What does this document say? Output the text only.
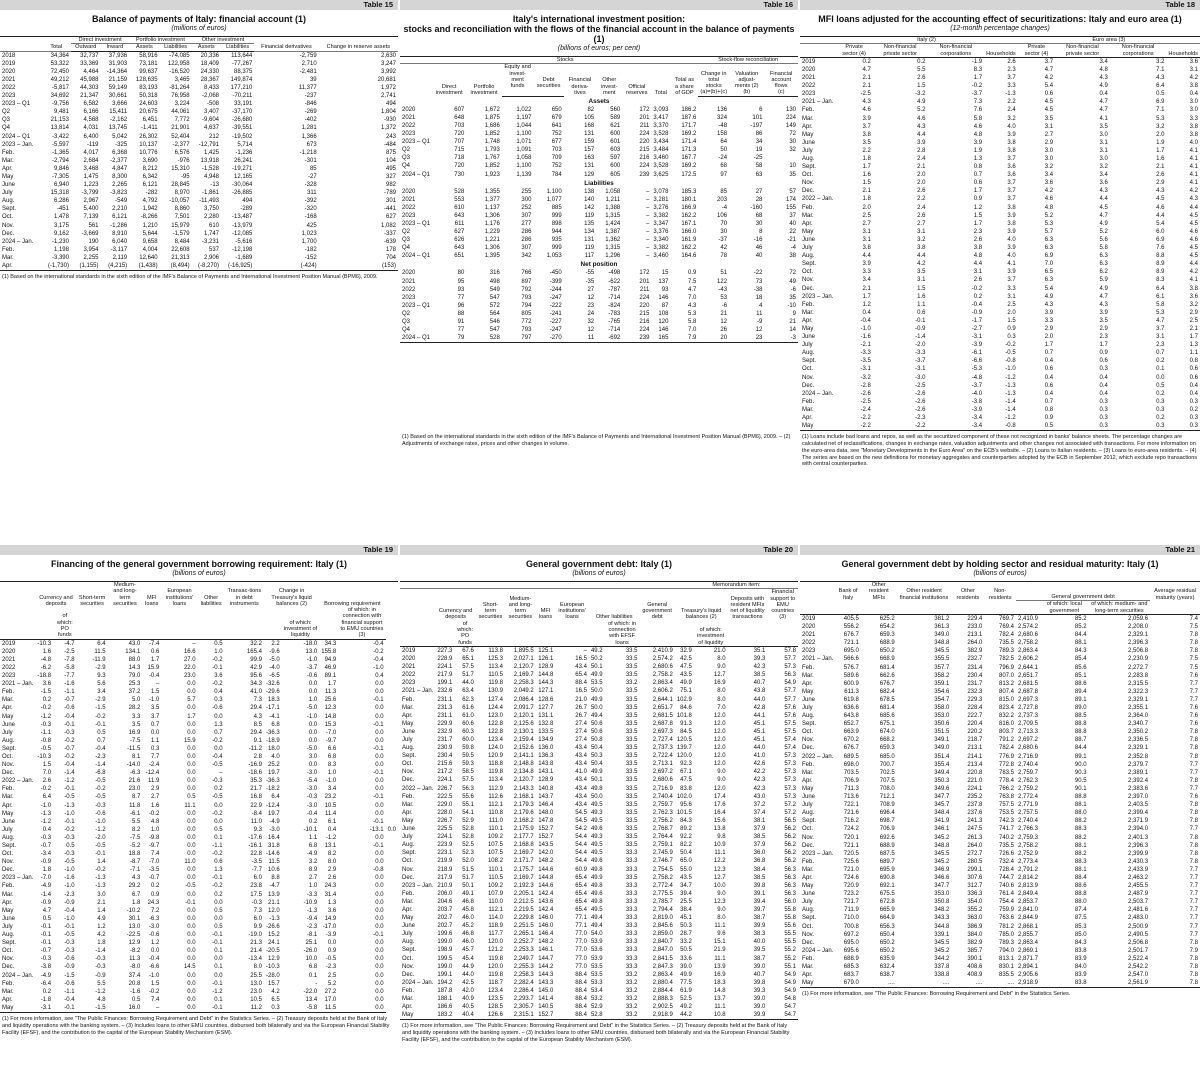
Table 15
Balance of payments of Italy: financial account (1)
(millions of euros)
	Total	Direct investment		Portfolio investment		Other investment		Financial derivatives	Change in reserve assets
		Outward	Inward	Assets	Liabilities	Assets	Liabilities		
2018	34,364	32,737	37,936	58,916	-74,085	20,336	113,644	-2,759	2,630
2019	53,322	33,369	31,903	73,181	122,958	18,409	-77,267	2,710	3,247
2020	72,450	4,464	-14,364	99,637	-16,520	24,330	88,375	-2,481	3,992
2021	49,212	45,988	21,159	128,635	3,465	28,367	149,874	39	20,681
2022	-5,817	44,303	59,149	83,193	-81,264	8,433	177,210	11,377	1,972
2023	34,692	21,347	30,661	50,318	76,958	-2,068	-70,211	-237	2,741
2023 – Q1	-9,756	6,582	3,666	24,603	3,224	-508	33,191	-846	494
Q2	9,481	6,166	15,411	20,675	44,061	3,407	-37,170	-269	1,804
Q3	21,153	4,568	-2,162	6,451	7,772	-9,604	-26,680	-402	-930
Q4	13,814	4,031	13,745	-1,411	21,901	4,637	-39,551	1,281	1,372
2024 – Q1	-3,422	6,400	5,042	26,302	52,404	212	-19,502	1,366	243
2023 – Jan.	-5,597	-119	-325	10,137	-2,377	-12,791	5,714	673	-484
Feb.	-1,365	4,017	6,368	10,776	6,576	1,425	-1,236	-1,218	875
Mar.	-2,794	2,684	-2,377	3,690	-976	13,918	26,241	-301	104
Apr.	9,846	3,468	4,847	8,212	15,310	-1,528	-19,271	85	495
May	-7,305	1,475	8,300	6,342	-95	4,948	12,165	-27	327
June	6,940	1,223	2,265	6,121	28,845	-13	-30,064	-328	982
July	15,318	-3,799	-3,823	-282	8,970	-1,861	-26,885	311	-789
Aug.	6,286	2,967	-549	4,792	-10,057	-11,493	494	-392	301
Sept.	-451	5,400	2,210	1,942	8,860	3,750	-289	-320	-441
Oct.	1,478	7,139	6,121	-8,266	7,501	2,280	-13,487	-168	627
Nov.	3,175	561	-1,286	1,210	15,979	610	-13,979	425	1,082
Dec.	9,162	-3,669	8,910	5,644	-1,579	1,747	-12,085	1,023	-337
2024 – Jan.	-1,230	190	6,040	9,658	8,484	-3,231	-5,616	1,700	-639
Feb.	1,198	3,954	-3,117	4,004	22,608	537	-12,198	-182	178
Mar.	-3,390	2,255	2,119	12,640	21,313	2,906	-1,689	-152	704
Apr.	(-1,730)	(1,155)	(4,215)	(1,438)	(8,494)	(-8,270)	(-16,925)	(-424)	(153)
(1) Based on the international standards in the sixth edition of the IMF's Balance of Payments and International Investment Position Manual (BPM6), 2009.
Table 16
Italy's international investment position:
stocks and reconciliation with the flows of the financial account in the balance of payments (1)
(billions of euros; per cent)
	Stocks									Stock-flow reconciliation		
	Direct investment	Portfolio investment	Equity and invest-ment funds	Debt securities	Financial deriva-tives	Other invest-ment	Official reserves	Total	Total as a share of GDP	Change in total stocks	Valuation adjust-ments (2)	Financial account flows
										(a)=(b)+(c)	(b)	(c)
Assets												
2020	607	1,672	1,022	650	82	560	172	3,093	186.2	136	6	130
2021	648	1,875	1,197	679	105	589	201	3,417	187.6	324	101	224
2022	703	1,686	1,044	641	168	621	211	3,370	171.7	-48	-197	149
2023	720	1,852	1,100	752	131	600	224	3,528	169.2	158	86	72
2023 – Q1	707	1,748	1,071	677	159	601	220	3,434	171.4	64	34	30
Q2	715	1,793	1,091	703	157	603	215	3,484	171.3	50	19	32
Q3	718	1,767	1,058	709	163	597	216	3,460	167.7	-24	-25	
Q4	720	1,852	1,100	752	131	600	224	3,528	169.2	68	58	10
2024 – Q1	730	1,923	1,139	784	129	605	239	3,625	172.5	97	63	35
Liabilities												
2020	528	1,355	255	1,100	138	1,058	–	3,078	185.3	85	27	57
2021	553	1,377	300	1,077	140	1,211	–	3,281	180.1	203	28	174
2022	610	1,137	252	885	142	1,388	–	3,276	166.9	-4	-160	155
2023	643	1,306	307	999	119	1,315	–	3,382	162.2	106	68	37
2023 – Q1	611	1,176	277	898	135	1,424	–	3,347	167.1	70	30	40
Q2	627	1,229	286	944	134	1,387	–	3,376	166.0	30	8	22
Q3	626	1,221	286	935	131	1,362	–	3,340	161.9	-37	-16	-21
Q4	643	1,306	307	999	119	1,315	–	3,382	162.2	42	46	-4
2024 – Q1	651	1,395	342	1,053	117	1,296	–	3,460	164.6	78	40	38
Net position												
2020	80	316	766	-450	-55	-498	172	15	0.9	51	-22	72
2021	95	498	897	-399	-35	-622	201	137	7.5	122	73	49
2022	93	549	792	-244	27	-787	211	93	4.7	-43	-38	-6
2023	77	547	793	-247	12	-714	224	146	7.0	53	18	35
2023 – Q1	96	572	794	-222	23	-824	220	87	4.3	-6	4	-10
Q2	88	564	805	-241	24	-783	215	108	5.3	21	11	9
Q3	91	546	772	-227	32	-765	216	120	5.8	12	-9	21
Q4	77	547	793	-247	12	-714	224	146	7.0	26	12	14
2024 – Q1	79	528	797	-270	11	-692	239	165	7.9	20	23	-3
(1) Based on the international standards in the sixth edition of the IMF's Balance of Payments and International Investment Position Manual (BPM6), 2009. – (2) Adjustments of exchange rates, prices and other changes in volume.
Table 18
MFI loans adjusted for the accounting effect of securitizations: Italy and euro area (1)
(12-month percentage changes)
	Italy (2)				Euro area (3)			
	Private sector (4)	Non-financial private sector	Non-financial corporations	Households	Private sector (4)	Non-financial private sector	Non-financial corporations	Households
2019	0.2	0.2	-1.9	2.6	3.7	3.4	3.2	3.6
2020	4.7	5.5	8.3	2.3	4.7	4.8	7.1	3.1
2021	2.1	2.6	1.7	3.7	4.2	4.3	4.3	4.2
2022	2.1	1.5	-0.2	3.3	5.4	4.9	6.4	3.8
2023	-2.5	-3.2	-3.7	-1.3	0.6	0.4	0.5	0.4
2021 – Jan.	4.3	4.9	7.3	2.2	4.5	4.7	6.9	3.0
Feb.	4.6	5.2	7.6	2.4	4.5	4.7	7.1	3.0
Mar.	3.9	4.6	5.8	3.2	3.5	4.1	5.3	3.3
Apr.	3.7	4.3	4.6	4.0	3.1	3.5	3.2	3.8
May	3.8	4.4	4.8	3.9	2.7	3.0	2.0	3.8
June	3.5	3.9	3.9	3.8	2.9	3.1	1.9	4.0
July	2.2	2.8	1.9	3.8	3.0	3.1	1.7	4.1
Aug.	1.8	2.4	1.3	3.7	3.0	3.0	1.6	4.1
Sept.	1.7	2.1	0.8	3.6	3.2	3.2	2.1	4.1
Oct.	1.6	2.0	0.7	3.6	3.4	3.4	2.6	4.1
Nov.	1.5	2.0	0.6	3.7	3.6	3.6	2.9	4.1
Dec.	2.1	2.6	1.7	3.7	4.2	4.3	4.3	4.2
2022 – Jan.	1.8	2.2	0.9	3.7	4.6	4.4	4.5	4.3
Feb.	2.0	2.4	1.2	3.8	4.8	4.5	4.6	4.4
Mar.	2.5	2.6	1.5	3.9	5.2	4.7	4.4	4.5
Apr.	2.7	2.7	1.7	3.8	5.3	4.9	5.4	4.5
May	3.1	3.1	2.3	3.9	5.7	5.2	6.0	4.6
June	3.1	3.2	2.6	4.0	6.3	5.6	6.9	4.6
July	3.8	3.8	3.8	3.9	6.3	5.8	7.6	4.5
Aug.	4.4	4.4	4.8	4.0	6.9	6.3	8.8	4.5
Sept.	3.9	4.2	4.4	4.1	7.0	6.3	8.9	4.4
Oct.	3.3	3.5	3.1	3.9	6.5	6.2	8.9	4.2
Nov.	3.4	3.1	2.6	3.7	6.3	5.9	8.3	4.1
Dec.	2.1	1.5	-0.2	3.3	5.4	4.9	6.4	3.8
2023 – Jan.	1.7	1.6	0.2	3.1	4.9	4.7	6.1	3.6
Feb.	1.2	1.1	-0.4	2.5	4.3	4.3	5.8	3.2
Mar.	0.4	0.6	-0.9	2.0	3.9	3.9	5.3	2.9
Apr.	-0.4	-0.1	-1.7	1.5	3.3	3.5	4.7	2.5
May	-1.0	-0.9	-2.7	0.9	2.9	2.9	3.7	2.1
June	-1.6	-1.4	-3.1	0.3	2.0	2.3	3.1	1.7
July	-2.1	-2.0	-3.9	-0.2	1.7	1.7	2.3	1.3
Aug.	-3.3	-3.3	-6.1	-0.5	0.7	0.9	0.7	1.1
Sept.	-3.5	-3.7	-6.6	-0.8	0.4	0.6	0.2	0.8
Oct.	-3.1	-3.1	-5.3	-1.0	0.6	0.3	0.1	0.6
Nov.	-3.2	-3.0	-4.8	-1.2	0.4	0.4	0.0	0.6
Dec.	-2.8	-2.5	-3.7	-1.3	0.6	0.4	0.5	0.4
2024 – Jan.	-2.6	-2.6	-4.0	-1.3	0.4	0.4	0.2	0.4
Feb.	-2.5	-2.6	-3.8	-1.4	0.7	0.3	0.3	0.3
Mar.	-2.4	-2.6	-3.9	-1.4	0.8	0.3	0.3	0.2
Apr.	-2.2	-2.3	-3.4	-1.2	0.9	0.3	0.2	0.3
May	-2.2	-2.2	-3.4	-0.8	0.5	0.3	0.3	0.3
(1) Loans include bad loans and repos, as well as the securitized component of these not recognized in banks' balance sheets. The percentage changes are calculated net of reclassifications, changes in exchange rates, valuation adjustments and other changes not associated with transactions. For more information on the euro-area data, see "Monetary Developments in the Euro Area" on the ECB's website. – (2) Loans to Italian residents. – (3) Loans to euro-area residents. – (4) The series are based on the new definitions for monetary aggregates and counterparties adopted by the ECB in September 2012, which exclude repo transactions with central counterparties.
Table 19
Financing of the general government borrowing requirement: Italy (1)
(billions of euros)
	Currency and deposits		Short-term securities	Medium- and long-term securities	MFI loans	European institutions' loans	Other liabilities	Transac-tions in debt instruments	Change in Treasury's liquid balances (2)		Borrowing requirement		
		of which: PO funds								of which: investment of liquidity		of which: in connection with financial support to EMU countries (3)	
2019	-10.3	-4.7	6.4	43.0	-7.4	–	0.5	32.2	2.2	-18.0	34.3	-0.4	
2020	1.6	-2.5	11.5	134.1	0.6	16.6	1.0	165.4	-9.6	13.0	155.8	-0.2	
2021	-4.8	-7.8	-11.9	88.0	1.7	27.0	-0.2	99.9	-5.0	-1.0	94.9	-0.4	
2022	-6.2	-5.8	-2.9	14.3	15.9	22.0	-0.1	42.9	-4.0	-3.7	46.9	-1.0	
2023	-18.8	-7.7	9.3	79.0	-0.4	23.0	3.6	95.6	-6.5	-0.6	89.1	0.4	
2021 – Jan.	3.6	-1.6	5.6	25.3	–	0.0	-0.2	34.3	-32.6	0.0	1.7	0.0	
Feb.	-1.5	-1.1	3.4	37.2	1.5	0.0	0.4	41.0	-29.6	0.0	11.3	0.0	
Mar.	0.2	-0.7	-2.9	5.0	-1.0	5.7	0.3	7.3	18.3	1.0	25.6	-0.1	
Apr.	-0.2	-0.6	-1.5	28.2	3.5	0.0	-0.6	29.4	-17.1	-5.0	12.3	0.0	
May	-1.2	-0.4	-0.2	3.3	3.7	1.7	0.0	4.3	-4.1	-1.0	14.8	0.0	
June	-0.3	-0.1	-0.1	3.5	0.7	0.0	1.3	8.5	6.8	0.0	15.3	-0.1	
July	-1.1	-0.3	0.5	16.9	0.0	0.0	0.7	29.4	-36.3	0.0	-7.0	0.0	
Aug.	-0.8	-0.2	0.7	-7.5	1.1	15.9	-0.2	9.1	-18.9	0.0	-9.7	0.0	
Sept.	-0.5	-0.7	-0.4	-11.5	0.3	0.0	0.0	-11.2	18.0	-5.0	6.6	-0.1	
Oct.	-10.3	-0.2	-2.3	8.1	7.7	0.0	-0.4	2.8	4.0	3.0	6.8	0.0	
Nov.	1.5	-0.4	-1.4	-14.0	-2.4	0.0	-0.5	-16.9	25.2	0.0	8.3	0.0	
Dec.	7.0	-1.4	-6.8	-6.3	-12.4	0.0	–	-18.6	19.7	-3.0	1.0	-0.1	
2022 – Jan.	2.6	-1.2	-0.5	21.6	11.9	0.0	-0.3	35.3	-36.3	-5.4	-1.0	0.0	
Feb.	-0.2	-0.1	-0.2	23.0	2.9	0.0	0.2	21.7	-18.2	-3.0	3.4	0.0	
Mar.	6.4	-0.5	-0.5	8.7	2.7	0.5	-0.5	16.8	6.4	-0.3	23.2	-0.1	
Apr.	-1.0	-1.3	-0.3	11.8	1.6	11.1	0.0	22.9	-12.4	-3.0	10.5	0.0	
May	-1.3	-1.0	-0.6	-6.1	-0.2	0.0	-0.2	-8.4	19.7	-0.4	11.4	0.0	
June	-1.2	-0.1	-1.0	5.5	4.8	0.0	0.0	11.0	-4.9	0.2	6.1	-0.1	
July	0.4	-0.2	-1.2	8.2	1.0	0.0	0.5	9.3	-3.0	-10.1	0.4	-13.1	0.0
Aug.	-0.3	-0.3	-2.0	-7.5	-9.8	0.0	0.1	-17.6	16.4	1.1	-1.2	0.0	
Sept.	-0.7	0.5	-0.5	-5.2	-9.7	0.0	-1.1	-16.1	31.8	6.8	13.1	-0.1	
Oct.	-3.4	-0.3	-0.1	18.8	7.4	0.0	-0.2	22.8	-14.6	-4.9	8.2	0.0	
Nov.	-0.9	-0.5	1.4	-8.7	-7.0	11.0	0.6	-3.5	11.5	3.2	8.0	0.0	
Dec.	1.8	-1.0	-0.2	-7.1	-3.5	0.0	1.3	-7.7	10.6	8.9	2.9	-0.8	
2023 – Jan.	-7.0	-1.6	-1.3	4.3	-0.7	0.0	-0.1	6.0	8.8	2.7	2.6	0.0	
Feb.	-4.9	-1.0	-1.3	29.2	0.2	-0.5	-0.2	23.8	-4.7	1.0	24.3	0.0	
Mar.	-1.4	-2.3	3.0	6.7	0.9	0.0	0.2	17.5	13.9	-3.3	31.4	0.0	
Apr.	-0.9	-0.9	2.1	1.8	24.3	-0.1	0.0	-0.3	21.1	-10.9	1.3	0.0	
May	4.7	-0.4	1.4	-10.2	7.2	0.0	0.5	7.3	12.0	-1.3	3.6	0.0	
June	0.5	-1.0	4.9	30.1	-6.3	0.0	0.0	6.0	-1.3	-9.4	14.9	0.0	
July	-0.1	-0.1	1.2	13.0	-3.0	0.0	0.5	9.9	-26.6	-2.3	-17.0	0.0	
Aug.	-0.1	-0.5	4.2	-22.5	-0.6	0.0	-0.1	-19.0	15.2	-8.1	-3.9	-0.1	
Sept.	-0.1	-0.3	1.8	12.9	1.2	0.0	-0.1	21.3	24.1	25.1	0.0	0.0	
Oct.	-0.7	-0.3	-1.4	-8.2	0.0	0.0	0.1	21.4	-20.5	-26.0	0.9	0.0	
Nov.	-0.3	-0.6	-0.3	11.3	-0.4	0.0	0.0	-13.4	12.9	10.0	-0.5	0.0	
Dec.	-3.8	-0.9	-0.3	-8.0	-6.6	14.5	0.1	8.0	-10.3	6.8	-2.3	0.0	
2024 – Jan.	-4.9	-1.5	-0.9	37.4	-1.0	0.0	0.0	25.5	-28.0	0.1	2.5	0.0	
Feb.	-6.4	-0.6	5.5	20.8	1.5	0.0	-0.1	13.0	15.7	-	5.2	0.0	
Mar.	0.2	-1.1	-1.2	-1.6	-0.2	0.0	-1.2	23.0	4.2	-22.0	27.2	0.0	
Apr.	-1.8	-0.4	4.8	0.5	7.4	0.0	0.1	10.5	6.5	13.4	17.0	0.0	
May	-3.1	-0.1	-1.5	16.0	–	0.0	-0.1	11.2	0.3	-5.8	11.5	0.0	
(1) For more information, see "The Public Finances: Borrowing Requirement and Debt" in the Statistics Series. – (2) Treasury deposits held at the Bank of Italy and liquidity operations with the banking system. – (3) Includes loans to other EMU countries, disbursed both bilaterally and via the European Financial Stability Facility (EFSF), and the contribution to the capital of the European Stability Mechanism (ESM).
Table 20
General government debt: Italy (1)
(billions of euros)
										Memorandum item:			
	Currency and deposits		Short-term securities	Medium- and long-term securities	MFI loans	European institutions' loans	Other liabilities		General government debt	Treasury's liquid balances (2)		Deposits with resident MFIs net of liquidity transactions	Financial support to EMU countries (3)
		of which: PO funds						of which: in connection with EFSF loans			of which: investment of liquidity		
2019	227.3	67.6	113.8	1,895.5	125.1	–	49.2	33.5	2,410.9	32.9	21.0	35.1	57.8
2020	228.9	65.1	125.3	2,027.1	126.1	16.5	50.2	33.5	2,574.2	42.5	8.0	39.3	57.7
2021	224.1	57.5	113.4	2,120.7	128.9	43.4	50.1	33.5	2,680.6	47.5	9.0	42.3	57.3
2022	217.9	51.7	110.5	2,169.7	144.8	65.4	49.9	33.5	2,758.2	43.5	12.7	38.5	56.3
2023	199.1	44.0	119.8	2,258.3	144.3	88.4	53.5	33.2	2,863.4	49.9	16.9	40.7	54.9
2021 – Jan.	232.6	63.4	130.9	2,049.2	127.1	16.5	50.0	33.5	2,606.2	75.1	8.0	43.8	57.7
Feb.	231.1	62.3	127.4	2,086.4	128.6	21.0	49.9	33.5	2,644.1	102.9	8.0	44.0	57.7
Mar.	231.3	61.6	124.4	2,091.7	127.7	26.7	50.0	33.5	2,651.7	84.6	7.0	42.8	57.6
Apr.	231.1	61.0	123.0	2,120.1	131.1	26.7	49.4	33.5	2,681.5	101.8	12.0	44.1	57.6
May	229.9	60.6	122.8	2,125.6	132.8	27.4	50.6	33.5	2,687.8	91.3	12.0	45.1	57.5
June	232.9	60.3	122.8	2,130.1	133.5	27.4	50.6	33.5	2,697.3	84.5	12.0	45.1	57.5
July	231.7	60.0	123.4	2,159.4	134.9	27.4	50.8	33.5	2,727.4	120.5	12.0	45.1	57.4
Aug.	230.9	59.8	124.0	2,152.6	136.0	43.4	50.4	33.5	2,737.3	139.7	12.0	44.0	57.4
Sept.	230.4	59.5	120.9	2,141.1	136.3	43.4	50.3	33.5	2,722.4	120.0	12.0	41.0	57.3
Oct.	215.6	59.3	118.8	2,148.8	143.8	43.4	50.4	33.5	2,713.1	92.3	12.0	42.6	57.3
Nov.	217.2	58.5	119.8	2,134.8	143.1	41.0	49.9	33.5	2,697.2	67.1	9.0	42.2	57.3
Dec.	224.1	57.5	113.4	2,120.7	128.9	43.4	50.1	33.5	2,680.6	47.5	9.0	42.3	57.3
2022 – Jan.	226.7	56.3	112.9	2,143.3	140.8	43.4	49.8	33.5	2,716.9	83.8	12.0	42.3	57.3
Feb.	222.5	55.6	112.6	2,168.1	143.7	43.4	50.0	33.5	2,740.4	102.0	17.4	43.0	57.3
Mar.	229.0	55.1	112.1	2,179.3	146.4	43.4	49.5	33.5	2,759.7	95.6	17.6	37.2	57.2
Apr.	228.0	54.1	110.8	2,179.6	148.0	54.5	49.3	33.5	2,762.3	101.5	16.4	37.4	57.2
May	226.7	52.9	111.0	2,168.2	147.8	54.5	49.5	33.5	2,756.2	84.3	15.6	38.1	56.5
June	225.5	52.8	110.1	2,175.9	152.7	54.2	49.6	33.5	2,768.7	89.2	13.8	37.9	56.2
July	224.1	52.8	109.2	2,177.7	152.7	54.4	49.3	33.5	2,764.4	92.2	9.8	38.5	56.2
Aug.	223.9	52.5	107.5	2,168.8	143.5	54.4	49.5	33.5	2,759.1	82.2	10.9	37.9	56.2
Sept.	223.1	52.3	107.5	2,169.7	142.0	54.4	49.5	33.3	2,745.9	50.4	11.1	36.0	56.2
Oct.	219.9	52.0	108.2	2,171.7	148.2	54.4	49.6	33.3	2,746.7	65.0	12.2	36.8	56.2
Nov.	218.9	51.5	110.1	2,175.7	144.6	60.9	49.8	33.3	2,754.5	55.0	12.3	38.4	56.3
Dec.	217.9	51.7	110.5	2,169.7	144.8	65.4	49.9	33.5	2,758.2	43.5	12.7	38.5	56.3
2023 – Jan.	210.9	50.1	109.2	2,192.3	144.6	65.4	49.8	33.3	2,772.4	34.7	10.0	39.8	56.3
Feb.	206.0	49.1	107.9	2,205.1	142.4	65.4	49.6	33.3	2,775.5	39.4	9.0	39.1	56.3
Mar.	204.6	46.8	110.0	2,212.5	143.6	65.4	49.8	33.3	2,785.7	25.5	12.3	39.4	56.0
Apr.	203.7	45.8	112.1	2,219.5	142.4	65.4	49.5	33.3	2,794.4	38.4	9.0	39.7	55.8
May	202.7	46.0	114.0	2,229.8	146.0	77.1	49.4	33.3	2,819.0	45.1	8.0	38.7	55.8
June	202.7	45.2	118.9	2,251.5	146.0	77.1	49.4	33.3	2,845.6	50.3	11.1	39.9	55.6
July	199.6	46.8	117.7	2,265.1	146.4	77.0	54.0	33.3	2,859.0	28.7	9.6	38.3	55.5
Aug.	199.0	46.0	120.0	2,252.7	148.2	77.0	53.9	33.3	2,840.7	33.2	15.1	40.0	55.5
Sept.	198.9	45.7	121.2	2,253.3	146.1	77.0	53.6	33.3	2,847.0	50.5	21.9	39.5	55.2
Oct.	199.5	45.4	119.8	2,249.7	144.7	77.0	53.9	33.3	2,841.5	33.6	11.1	38.7	55.2
Nov.	199.0	44.9	120.0	2,255.3	144.2	77.0	53.5	33.3	2,847.3	39.0	13.9	39.0	55.1
Dec.	199.1	44.0	119.8	2,258.3	144.3	88.4	53.5	33.2	2,863.4	49.9	16.9	40.7	54.9
2024 – Jan.	194.2	42.5	118.7	2,282.4	143.3	88.4	53.3	33.2	2,880.4	77.5	18.3	39.8	54.9
Feb.	187.8	42.0	123.4	2,286.4	145.0	88.4	53.4	33.2	2,884.4	61.9	14.8	39.3	54.9
Mar.	188.1	40.9	123.5	2,293.7	141.4	88.4	53.2	33.2	2,888.3	52.5	13.7	39.0	54.8
Apr.	186.6	40.5	128.5	2,305.7	140.5	88.4	52.9	33.2	2,902.5	49.2	11.1	39.0	54.7
May	183.2	40.4	126.6	2,315.1	152.7	88.4	52.8	33.2	2,918.9	44.2	10.8	39.9	54.7
(1) For more information, see "The Public Finances: Borrowing Requirement and Debt" in the Statistics Series. – (2) Treasury deposits held at the Bank of Italy and liquidity operations with the banking system. – (3) Includes loans to other EMU countries, disbursed both bilaterally and via the European Financial Stability Facility (EFSF), and the contribution to the capital of the European Stability Mechanism (ESM).
Table 21
General government debt by holding sector and residual maturity: Italy (1)
(billions of euros)
	Bank of Italy	Other resident MFIs	Other resident financial institutions	Other residents	Non-residents	General government debt			Average residual maturity (years)
							of which: local government	of which: medium- and long-term securities	
2019	405.5	625.2	381.2	229.4	769.7	2,410.9	85.2	2,059.6	7.4
2020	556.2	654.2	361.3	233.0	769.4	2,574.2	85.2	2,208.0	7.5
2021	676.7	659.3	349.0	213.1	782.4	2,680.6	84.4	2,329.1	7.8
2022	721.1	688.9	348.8	264.0	735.5	2,758.2	88.1	2,396.3	7.8
2023	695.0	650.2	345.5	382.9	789.3	2,863.4	84.3	2,506.8	7.8
2021 – Jan.	566.6	668.9	355.5	232.7	782.5	2,606.2	85.4	2,230.9	7.5
Feb.	576.7	681.4	357.7	231.4	796.9	2,644.1	85.6	2,272.7	7.5
Mar.	589.6	662.6	358.2	230.4	807.0	2,651.7	85.1	2,283.8	7.6
Apr.	600.9	676.7	359.1	231.7	813.2	2,681.5	88.6	2,315.5	7.7
May	611.3	682.4	354.6	232.3	807.4	2,687.8	89.4	2,322.3	7.7
June	619.8	678.5	354.7	229.3	815.0	2,697.3	89.1	2,329.1	7.7
July	636.6	681.4	358.0	228.4	823.4	2,727.8	89.0	2,355.1	7.6
Aug.	643.8	685.6	353.0	222.7	832.2	2,737.3	88.5	2,364.0	7.6
Sept.	652.7	675.1	350.6	220.4	816.0	2,709.5	88.8	2,340.7	7.6
Oct.	663.9	674.0	351.5	220.2	803.7	2,713.3	88.8	2,350.2	7.8
Nov.	670.2	668.2	349.1	218.7	791.2	2,697.2	88.7	2,336.5	7.8
Dec.	676.7	659.3	349.0	213.1	782.4	2,680.6	84.4	2,329.1	7.8
2022 – Jan.	689.5	685.0	351.4	214.1	776.9	2,716.9	89.1	2,352.8	7.8
Feb.	698.0	700.7	355.4	213.4	772.8	2,740.4	90.0	2,379.7	7.7
Mar.	703.5	702.5	349.4	220.8	783.5	2,759.7	90.3	2,389.1	7.7
Apr.	706.9	707.5	350.3	221.0	778.4	2,762.3	90.5	2,392.4	7.8
May	711.3	708.0	349.6	224.1	766.2	2,759.2	90.1	2,383.6	7.7
June	713.6	712.1	347.7	235.2	763.8	2,772.4	88.8	2,397.0	7.6
July	722.1	708.9	345.7	237.8	757.5	2,771.9	88.1	2,403.5	7.8
Aug.	721.6	696.4	348.4	237.6	753.5	2,757.5	88.0	2,399.4	7.8
Sept.	716.2	698.7	341.9	241.3	742.3	2,740.4	88.2	2,371.9	7.8
Oct.	724.2	706.9	346.1	247.5	741.7	2,766.3	88.3	2,394.0	7.7
Nov.	720.1	692.6	345.2	261.3	740.2	2,759.3	88.2	2,401.3	7.8
Dec.	721.1	688.9	348.8	264.0	735.5	2,758.2	88.1	2,396.3	7.8
2023 – Jan.	720.5	687.5	345.5	272.7	726.6	2,752.9	88.2	2,399.9	7.8
Feb.	725.6	689.7	345.2	280.5	732.4	2,773.4	88.3	2,430.3	7.8
Mar.	721.0	695.9	346.9	299.1	728.4	2,791.2	88.1	2,433.9	7.7
Apr.	724.6	690.8	346.6	307.6	744.7	2,814.2	88.4	2,463.2	7.7
May	720.9	692.1	347.7	312.7	740.6	2,813.9	88.6	2,455.5	7.7
June	723.2	675.5	353.0	336.3	761.4	2,849.4	88.8	2,487.9	7.7
July	721.7	672.8	350.8	354.0	754.4	2,853.7	88.0	2,503.7	7.7
Aug.	711.9	665.9	348.2	355.2	759.9	2,841.0	87.4	2,481.6	7.7
Sept.	710.0	664.9	343.3	363.0	763.6	2,844.9	87.5	2,483.0	7.7
Oct.	700.8	656.3	344.8	386.9	781.2	2,868.1	85.3	2,500.9	7.7
Nov.	697.2	650.4	339.1	384.0	785.0	2,855.7	85.0	2,490.5	7.7
Dec.	695.0	650.2	345.5	382.9	789.3	2,863.4	84.3	2,506.8	7.8
2024 – Jan.	695.6	650.2	345.2	385.7	794.0	2,869.1	83.8	2,501.7	7.9
Feb.	688.9	635.9	344.2	390.1	813.1	2,871.7	83.9	2,522.4	7.8
Mar.	685.3	632.4	337.8	408.6	830.1	2,894.1	84.0	2,542.2	7.8
Apr.	683.7	638.7	338.8	408.9	835.5	2,905.6	83.9	2,547.0	7.8
May	679.0	....	....	....	....	2,918.9	83.8	2,561.9	7.8
(1) For more information, see "The Public Finances: Borrowing Requirement and Debt" in the Statistics Series.
